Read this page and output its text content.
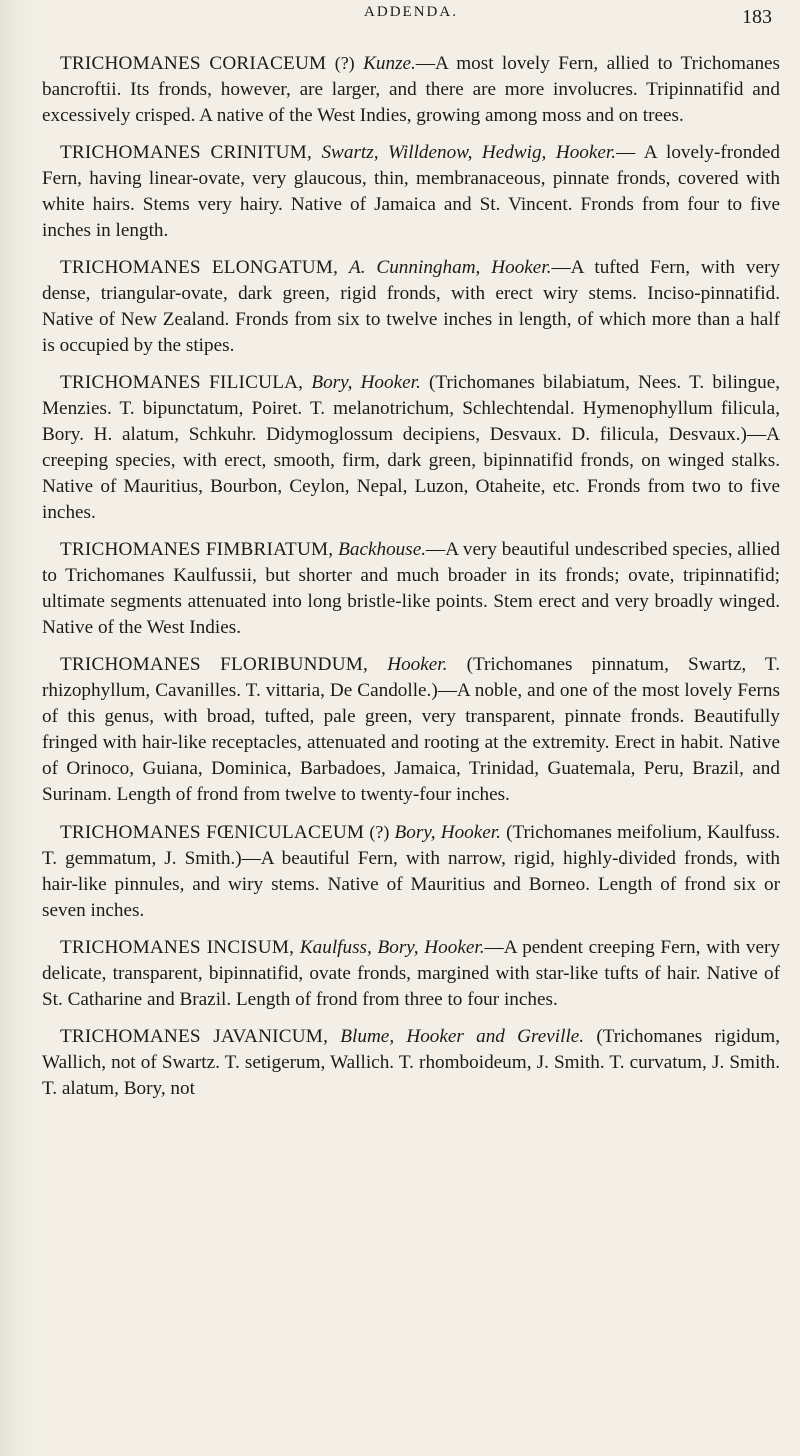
ADDENDA.	183

TRICHOMANES CORIACEUM (?) Kunze.—A most lovely Fern, allied to Trichomanes bancroftii. Its fronds, however, are larger, and there are more involucres. Tripinnatifid and excessively crisped. A native of the West Indies, growing among moss and on trees.

TRICHOMANES CRINITUM, Swartz, Willdenow, Hedwig, Hooker.— A lovely-fronded Fern, having linear-ovate, very glaucous, thin, membranaceous, pinnate fronds, covered with white hairs. Stems very hairy. Native of Jamaica and St. Vincent. Fronds from four to five inches in length.

TRICHOMANES ELONGATUM, A. Cunningham, Hooker.—A tufted Fern, with very dense, triangular-ovate, dark green, rigid fronds, with erect wiry stems. Inciso-pinnatifid. Native of New Zealand. Fronds from six to twelve inches in length, of which more than a half is occupied by the stipes.

TRICHOMANES FILICULA, Bory, Hooker. (Trichomanes bilabiatum, Nees. T. bilingue, Menzies. T. bipunctatum, Poiret. T. melanotrichum, Schlechtendal. Hymenophyllum filicula, Bory. H. alatum, Schkuhr. Didymoglossum decipiens, Desvaux. D. filicula, Desvaux.)—A creeping species, with erect, smooth, firm, dark green, bipinnatifid fronds, on winged stalks. Native of Mauritius, Bourbon, Ceylon, Nepal, Luzon, Otaheite, etc. Fronds from two to five inches.

TRICHOMANES FIMBRIATUM, Backhouse.—A very beautiful undescribed species, allied to Trichomanes Kaulfussii, but shorter and much broader in its fronds; ovate, tripinnatifid; ultimate segments attenuated into long bristle-like points. Stem erect and very broadly winged. Native of the West Indies.

TRICHOMANES FLORIBUNDUM, Hooker. (Trichomanes pinnatum, Swartz, T. rhizophyllum, Cavanilles. T. vittaria, De Candolle.)—A noble, and one of the most lovely Ferns of this genus, with broad, tufted, pale green, very transparent, pinnate fronds. Beautifully fringed with hair-like receptacles, attenuated and rooting at the extremity. Erect in habit. Native of Orinoco, Guiana, Dominica, Barbadoes, Jamaica, Trinidad, Guatemala, Peru, Brazil, and Surinam. Length of frond from twelve to twenty-four inches.

TRICHOMANES FŒNICULACEUM (?) Bory, Hooker. (Trichomanes meifolium, Kaulfuss. T. gemmatum, J. Smith.)—A beautiful Fern, with narrow, rigid, highly-divided fronds, with hair-like pinnules, and wiry stems. Native of Mauritius and Borneo. Length of frond six or seven inches.

TRICHOMANES INCISUM, Kaulfuss, Bory, Hooker.—A pendent creeping Fern, with very delicate, transparent, bipinnatifid, ovate fronds, margined with star-like tufts of hair. Native of St. Catharine and Brazil. Length of frond from three to four inches.

TRICHOMANES JAVANICUM, Blume, Hooker and Greville. (Trichomanes rigidum, Wallich, not of Swartz. T. setigerum, Wallich. T. rhomboideum, J. Smith. T. curvatum, J. Smith. T. alatum, Bory, not
